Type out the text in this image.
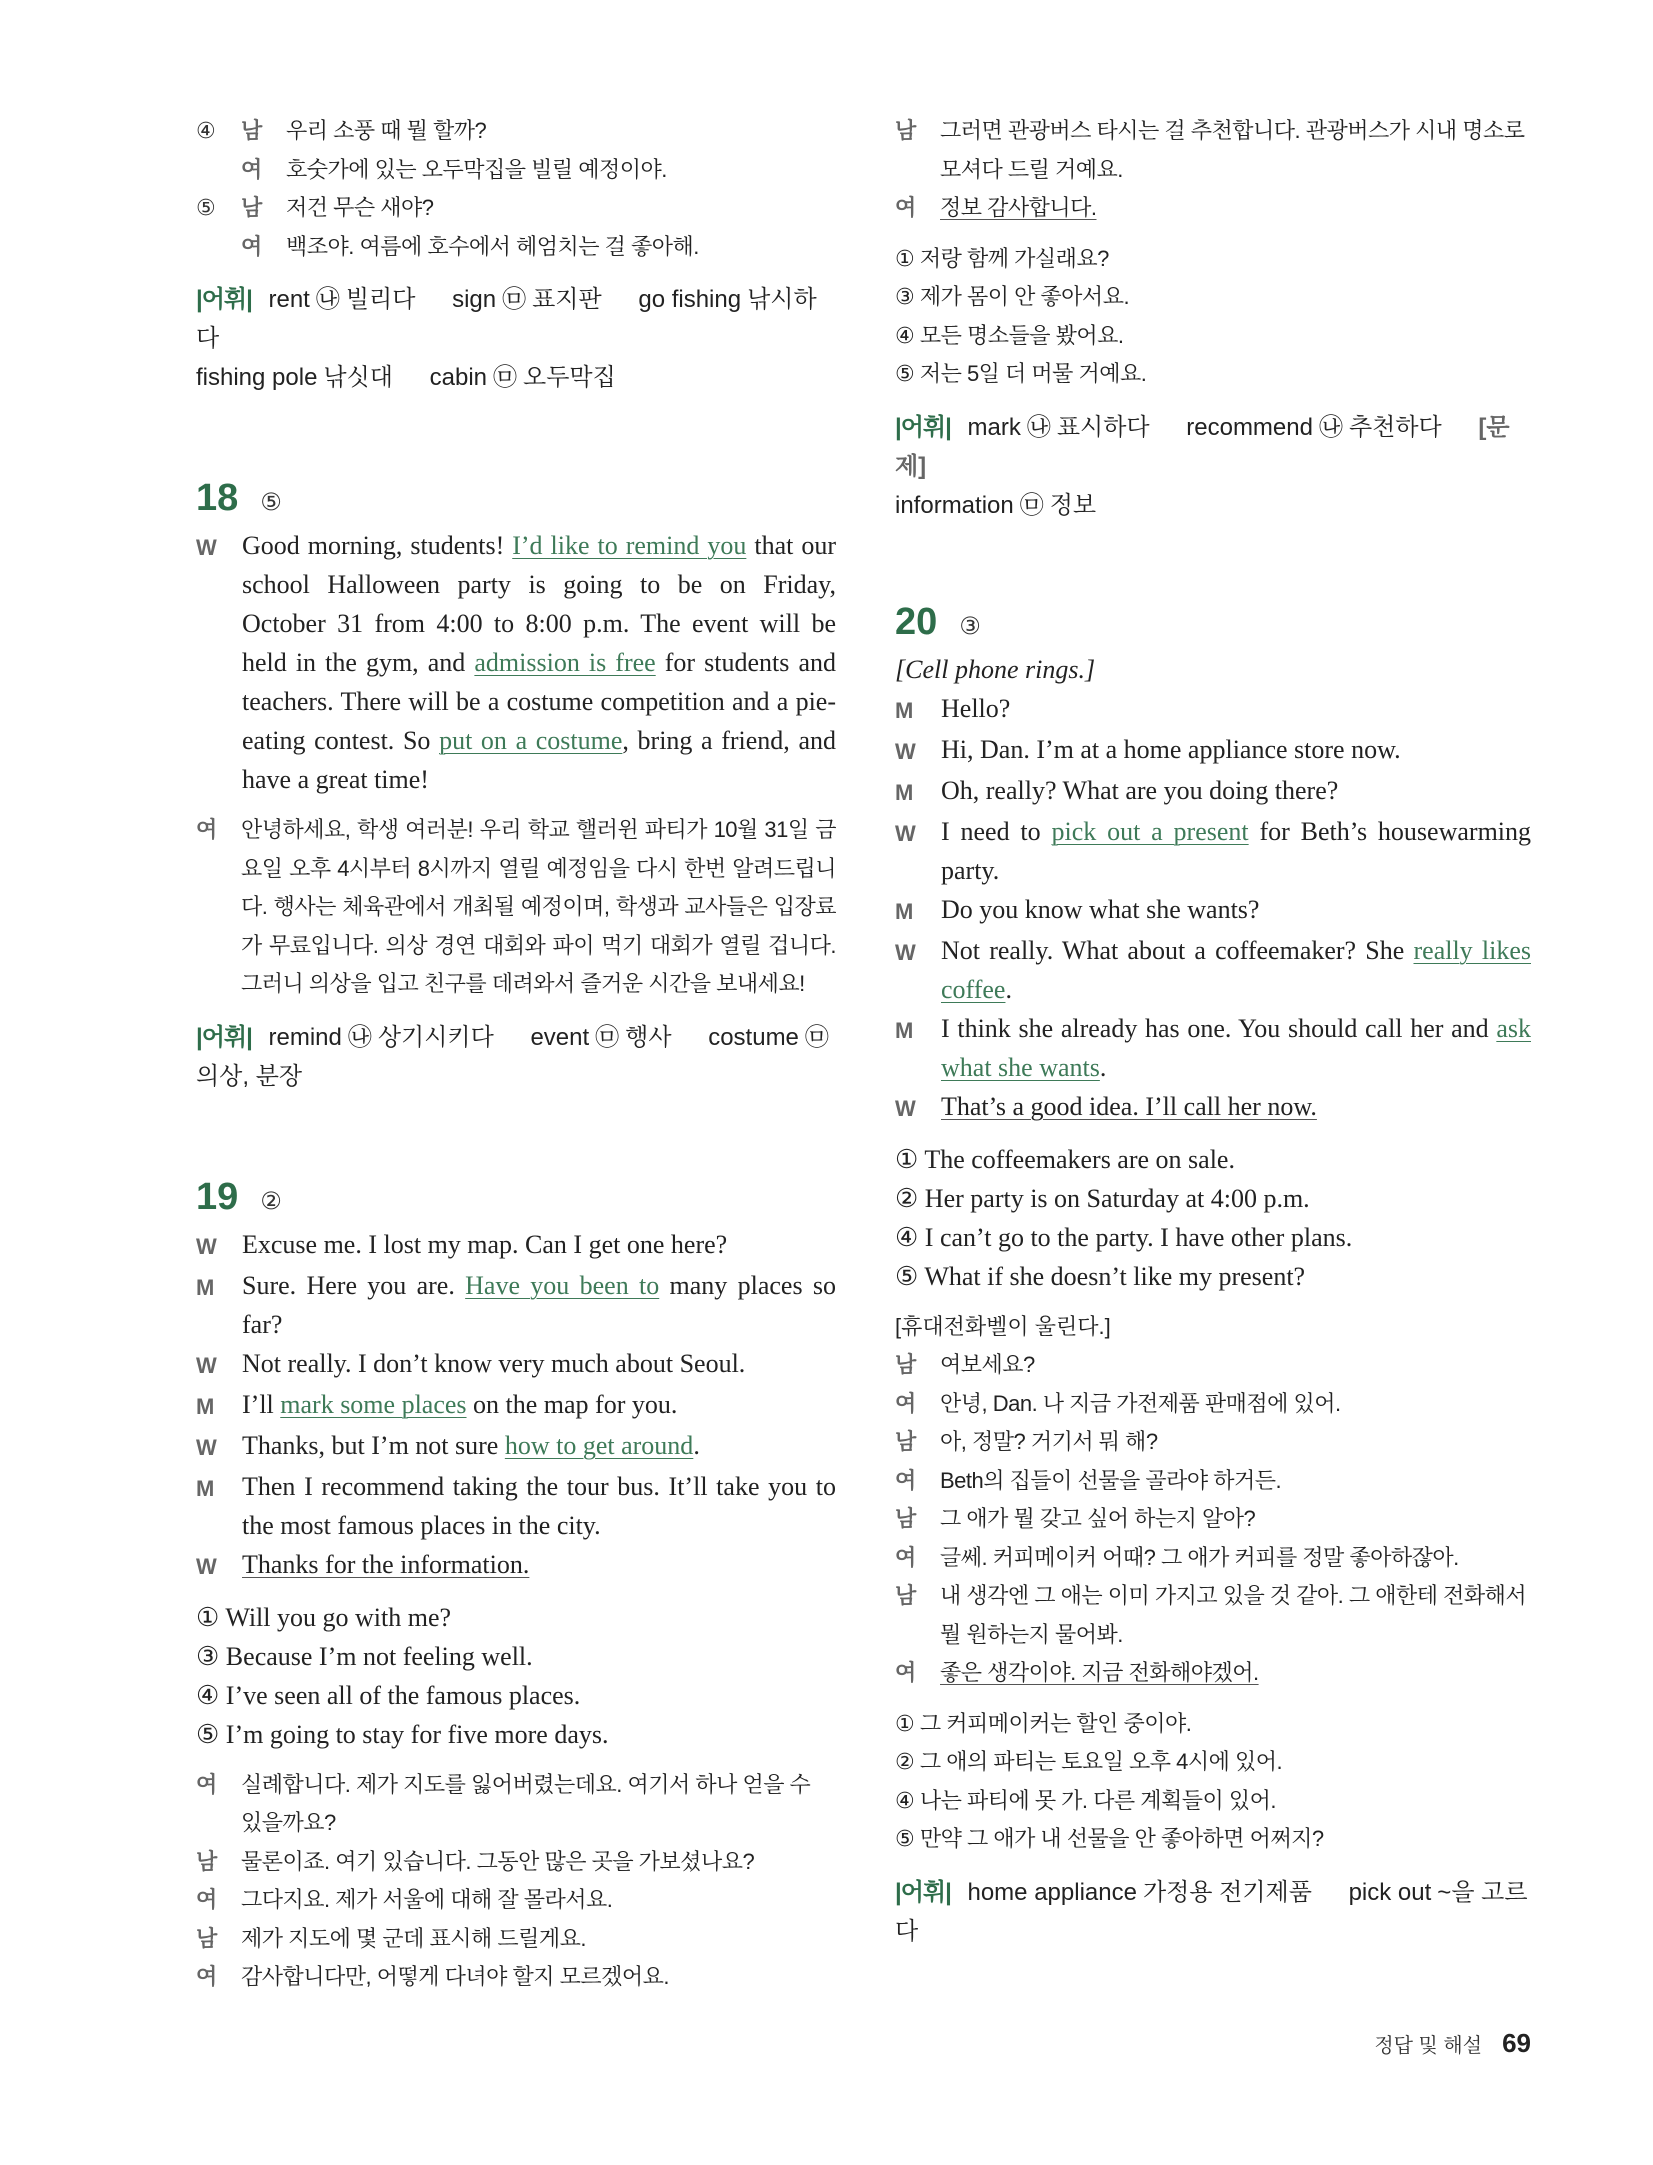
④	남	우리 소풍 때 뭘 할까?
여	호숫가에 있는 오두막집을 빌릴 예정이야.
⑤	남	저건 무슨 새야?
여	백조야. 여름에 호수에서 헤엄치는 걸 좋아해.
|어휘| rent ㉯ 빌리다 sign ㉤ 표지판 go fishing 낚시하다
fishing pole 낚싯대 cabin ㉤ 오두막집
18 ⑤
W Good morning, students! I’d like to remind you that our school Halloween party is going to be on Friday, October 31 from 4:00 to 8:00 p.m. The event will be held in the gym, and admission is free for students and teachers. There will be a costume competition and a pie-eating contest. So put on a costume, bring a friend, and have a great time!
여	안녕하세요, 학생 여러분! 우리 학교 핼러윈 파티가 10월 31일 금요일 오후 4시부터 8시까지 열릴 예정임을 다시 한번 알려드립니다. 행사는 체육관에서 개최될 예정이며, 학생과 교사들은 입장료가 무료입니다. 의상 경연 대회와 파이 먹기 대회가 열릴 겁니다. 그러니 의상을 입고 친구를 데려와서 즐거운 시간을 보내세요!
|어휘| remind ㉯ 상기시키다 event ㉤ 행사 costume ㉤의상, 분장
19 ②
W Excuse me. I lost my map. Can I get one here?
M	Sure. Here you are. Have you been to many places so far?
W Not really. I don’t know very much about Seoul.
M	I’ll mark some places on the map for you.
W Thanks, but I’m not sure how to get around.
M	Then I recommend taking the tour bus. It’ll take you to the most famous places in the city.
W Thanks for the information.
① Will you go with me?
③ Because I’m not feeling well.
④ I’ve seen all of the famous places.
⑤ I’m going to stay for five more days.
여	실례합니다. 제가 지도를 잃어버렸는데요. 여기서 하나 얻을 수 있을까요?
남	물론이죠. 여기 있습니다. 그동안 많은 곳을 가보셨나요?
여	그다지요. 제가 서울에 대해 잘 몰라서요.
남	제가 지도에 몇 군데 표시해 드릴게요.
여	감사합니다만, 어떻게 다녀야 할지 모르겠어요.
남	그러면 관광버스 타시는 걸 추천합니다. 관광버스가 시내 명소로 모셔다 드릴 거예요.
여	정보 감사합니다.
① 저랑 함께 가실래요?
③ 제가 몸이 안 좋아서요.
④ 모든 명소들을 봤어요.
⑤ 저는 5일 더 머물 거예요.
|어휘| mark ㉯ 표시하다 recommend ㉯ 추천하다 [문제]
information ㉤ 정보
20 ③
[Cell phone rings.]
M	Hello?
W Hi, Dan. I’m at a home appliance store now.
M	Oh, really? What are you doing there?
W I need to pick out a present for Beth’s housewarming party.
M	Do you know what she wants?
W Not really. What about a coffeemaker? She really likes coffee.
M	I think she already has one. You should call her and ask what she wants.
W That’s a good idea. I’ll call her now.
① The coffeemakers are on sale.
② Her party is on Saturday at 4:00 p.m.
④ I can’t go to the party. I have other plans.
⑤ What if she doesn’t like my present?
[휴대전화벨이 울린다.]
남	여보세요?
여	안녕, Dan. 나 지금 가전제품 판매점에 있어.
남	아, 정말? 거기서 뭐 해?
여	Beth의 집들이 선물을 골라야 하거든.
남	그 애가 뭘 갖고 싶어 하는지 알아?
여	글쎄. 커피메이커 어때? 그 애가 커피를 정말 좋아하잖아.
남	내 생각엔 그 애는 이미 가지고 있을 것 같아. 그 애한테 전화해서 뭘 원하는지 물어봐.
여	좋은 생각이야. 지금 전화해야겠어.
① 그 커피메이커는 할인 중이야.
② 그 애의 파티는 토요일 오후 4시에 있어.
④ 나는 파티에 못 가. 다른 계획들이 있어.
⑤ 만약 그 애가 내 선물을 안 좋아하면 어쩌지?
|어휘| home appliance 가정용 전기제품 pick out ~을 고르다
정답 및 해설 69
